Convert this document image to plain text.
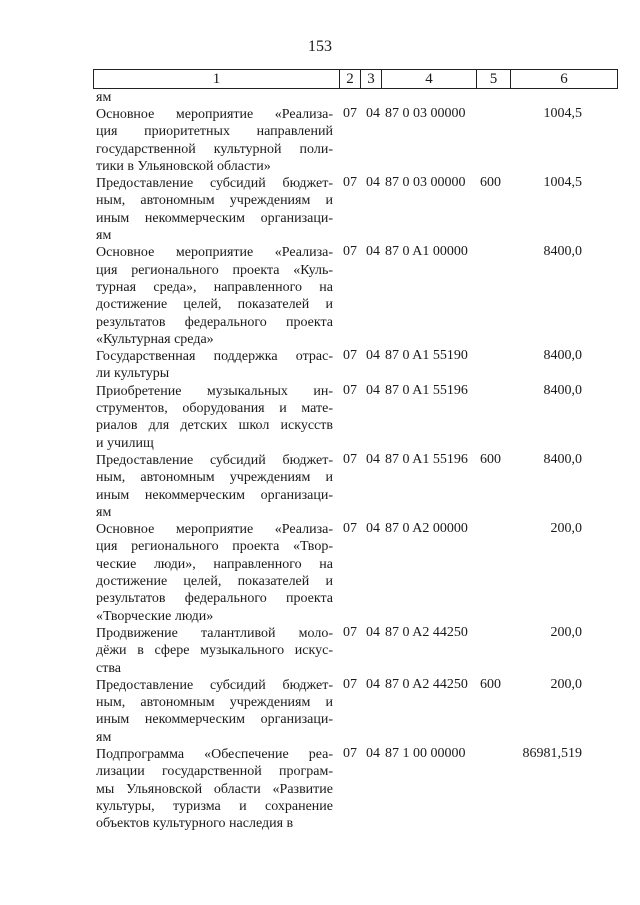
153
1	2	3	4	5	6
ям
Основное мероприятие «Реализа-
ция приоритетных направлений
государственной культурной поли-
тики в Ульяновской области»
07 04 87 0 03 00000	1004,5
Предоставление субсидий бюджет-
ным, автономным учреждениям и
иным некоммерческим организаци-
ям
07 04 87 0 03 00000 600	1004,5
Основное мероприятие «Реализа-
ция регионального проекта «Куль-
турная среда», направленного на
достижение целей, показателей и
результатов федерального проекта
«Культурная среда»
07 04 87 0 A1 00000	8400,0
Государственная поддержка отрас-
ли культуры
07 04 87 0 A1 55190	8400,0
Приобретение музыкальных ин-
струментов, оборудования и мате-
риалов для детских школ искусств
и училищ
07 04 87 0 A1 55196	8400,0
Предоставление субсидий бюджет-
ным, автономным учреждениям и
иным некоммерческим организаци-
ям
07 04 87 0 A1 55196 600	8400,0
Основное мероприятие «Реализа-
ция регионального проекта «Твор-
ческие люди», направленного на
достижение целей, показателей и
результатов федерального проекта
«Творческие люди»
07 04 87 0 A2 00000	200,0
Продвижение талантливой моло-
дёжи в сфере музыкального искус-
ства
07 04 87 0 A2 44250	200,0
Предоставление субсидий бюджет-
ным, автономным учреждениям и
иным некоммерческим организаци-
ям
07 04 87 0 A2 44250 600	200,0
Подпрограмма «Обеспечение реа-
лизации государственной програм-
мы Ульяновской области «Развитие
культуры, туризма и сохранение
объектов культурного наследия в
07 04 87 1 00 00000	86981,519
